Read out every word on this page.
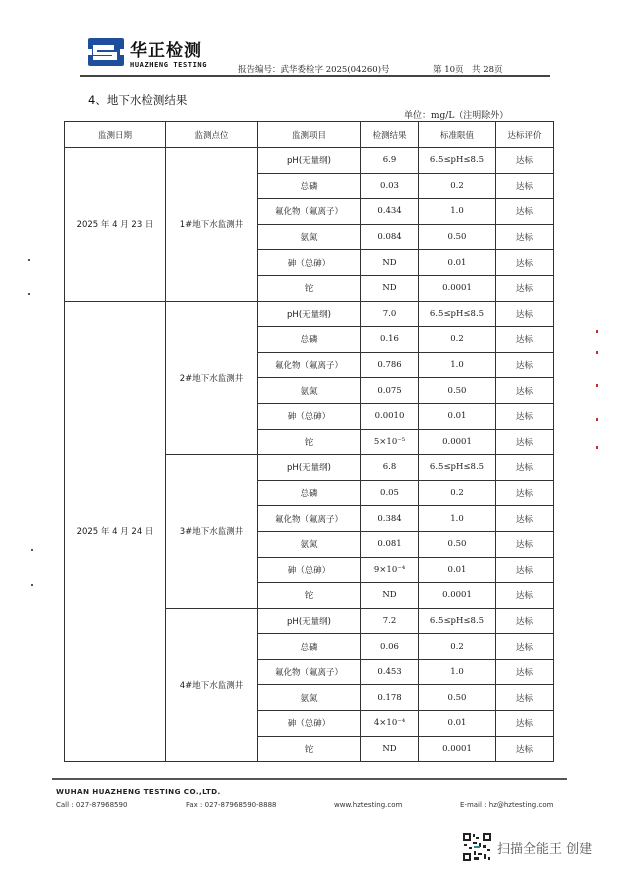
华正检测
HUAZHENG TESTING	报告编号：武华委检字 2025(04260)号	第 10页　共 28页
4、地下水检测结果
单位：mg/L（注明除外）
监测日期	监测点位	监测项目	检测结果	标准限值	达标评价
2025 年 4 月 23 日	1#地下水监测井	pH(无量纲)	6.9	6.5≤pH≤8.5	达标
		总磷	0.03	0.2	达标
		氟化物（氟离子）	0.434	1.0	达标
		氨氮	0.084	0.50	达标
		砷（总砷）	ND	0.01	达标
		铊	ND	0.0001	达标
2025 年 4 月 24 日	2#地下水监测井	pH(无量纲)	7.0	6.5≤pH≤8.5	达标
		总磷	0.16	0.2	达标
		氟化物（氟离子）	0.786	1.0	达标
		氨氮	0.075	0.50	达标
		砷（总砷）	0.0010	0.01	达标
		铊	5×10⁻⁵	0.0001	达标
	3#地下水监测井	pH(无量纲)	6.8	6.5≤pH≤8.5	达标
		总磷	0.05	0.2	达标
		氟化物（氟离子）	0.384	1.0	达标
		氨氮	0.081	0.50	达标
		砷（总砷）	9×10⁻⁴	0.01	达标
		铊	ND	0.0001	达标
	4#地下水监测井	pH(无量纲)	7.2	6.5≤pH≤8.5	达标
		总磷	0.06	0.2	达标
		氟化物（氟离子）	0.453	1.0	达标
		氨氮	0.178	0.50	达标
		砷（总砷）	4×10⁻⁴	0.01	达标
		铊	ND	0.0001	达标
WUHAN HUAZHENG TESTING CO.,LTD.
Call : 027-87968590	Fax : 027-87968590-8888	www.hztesting.com	E-mail : hz@hztesting.com
扫描全能王 创建
